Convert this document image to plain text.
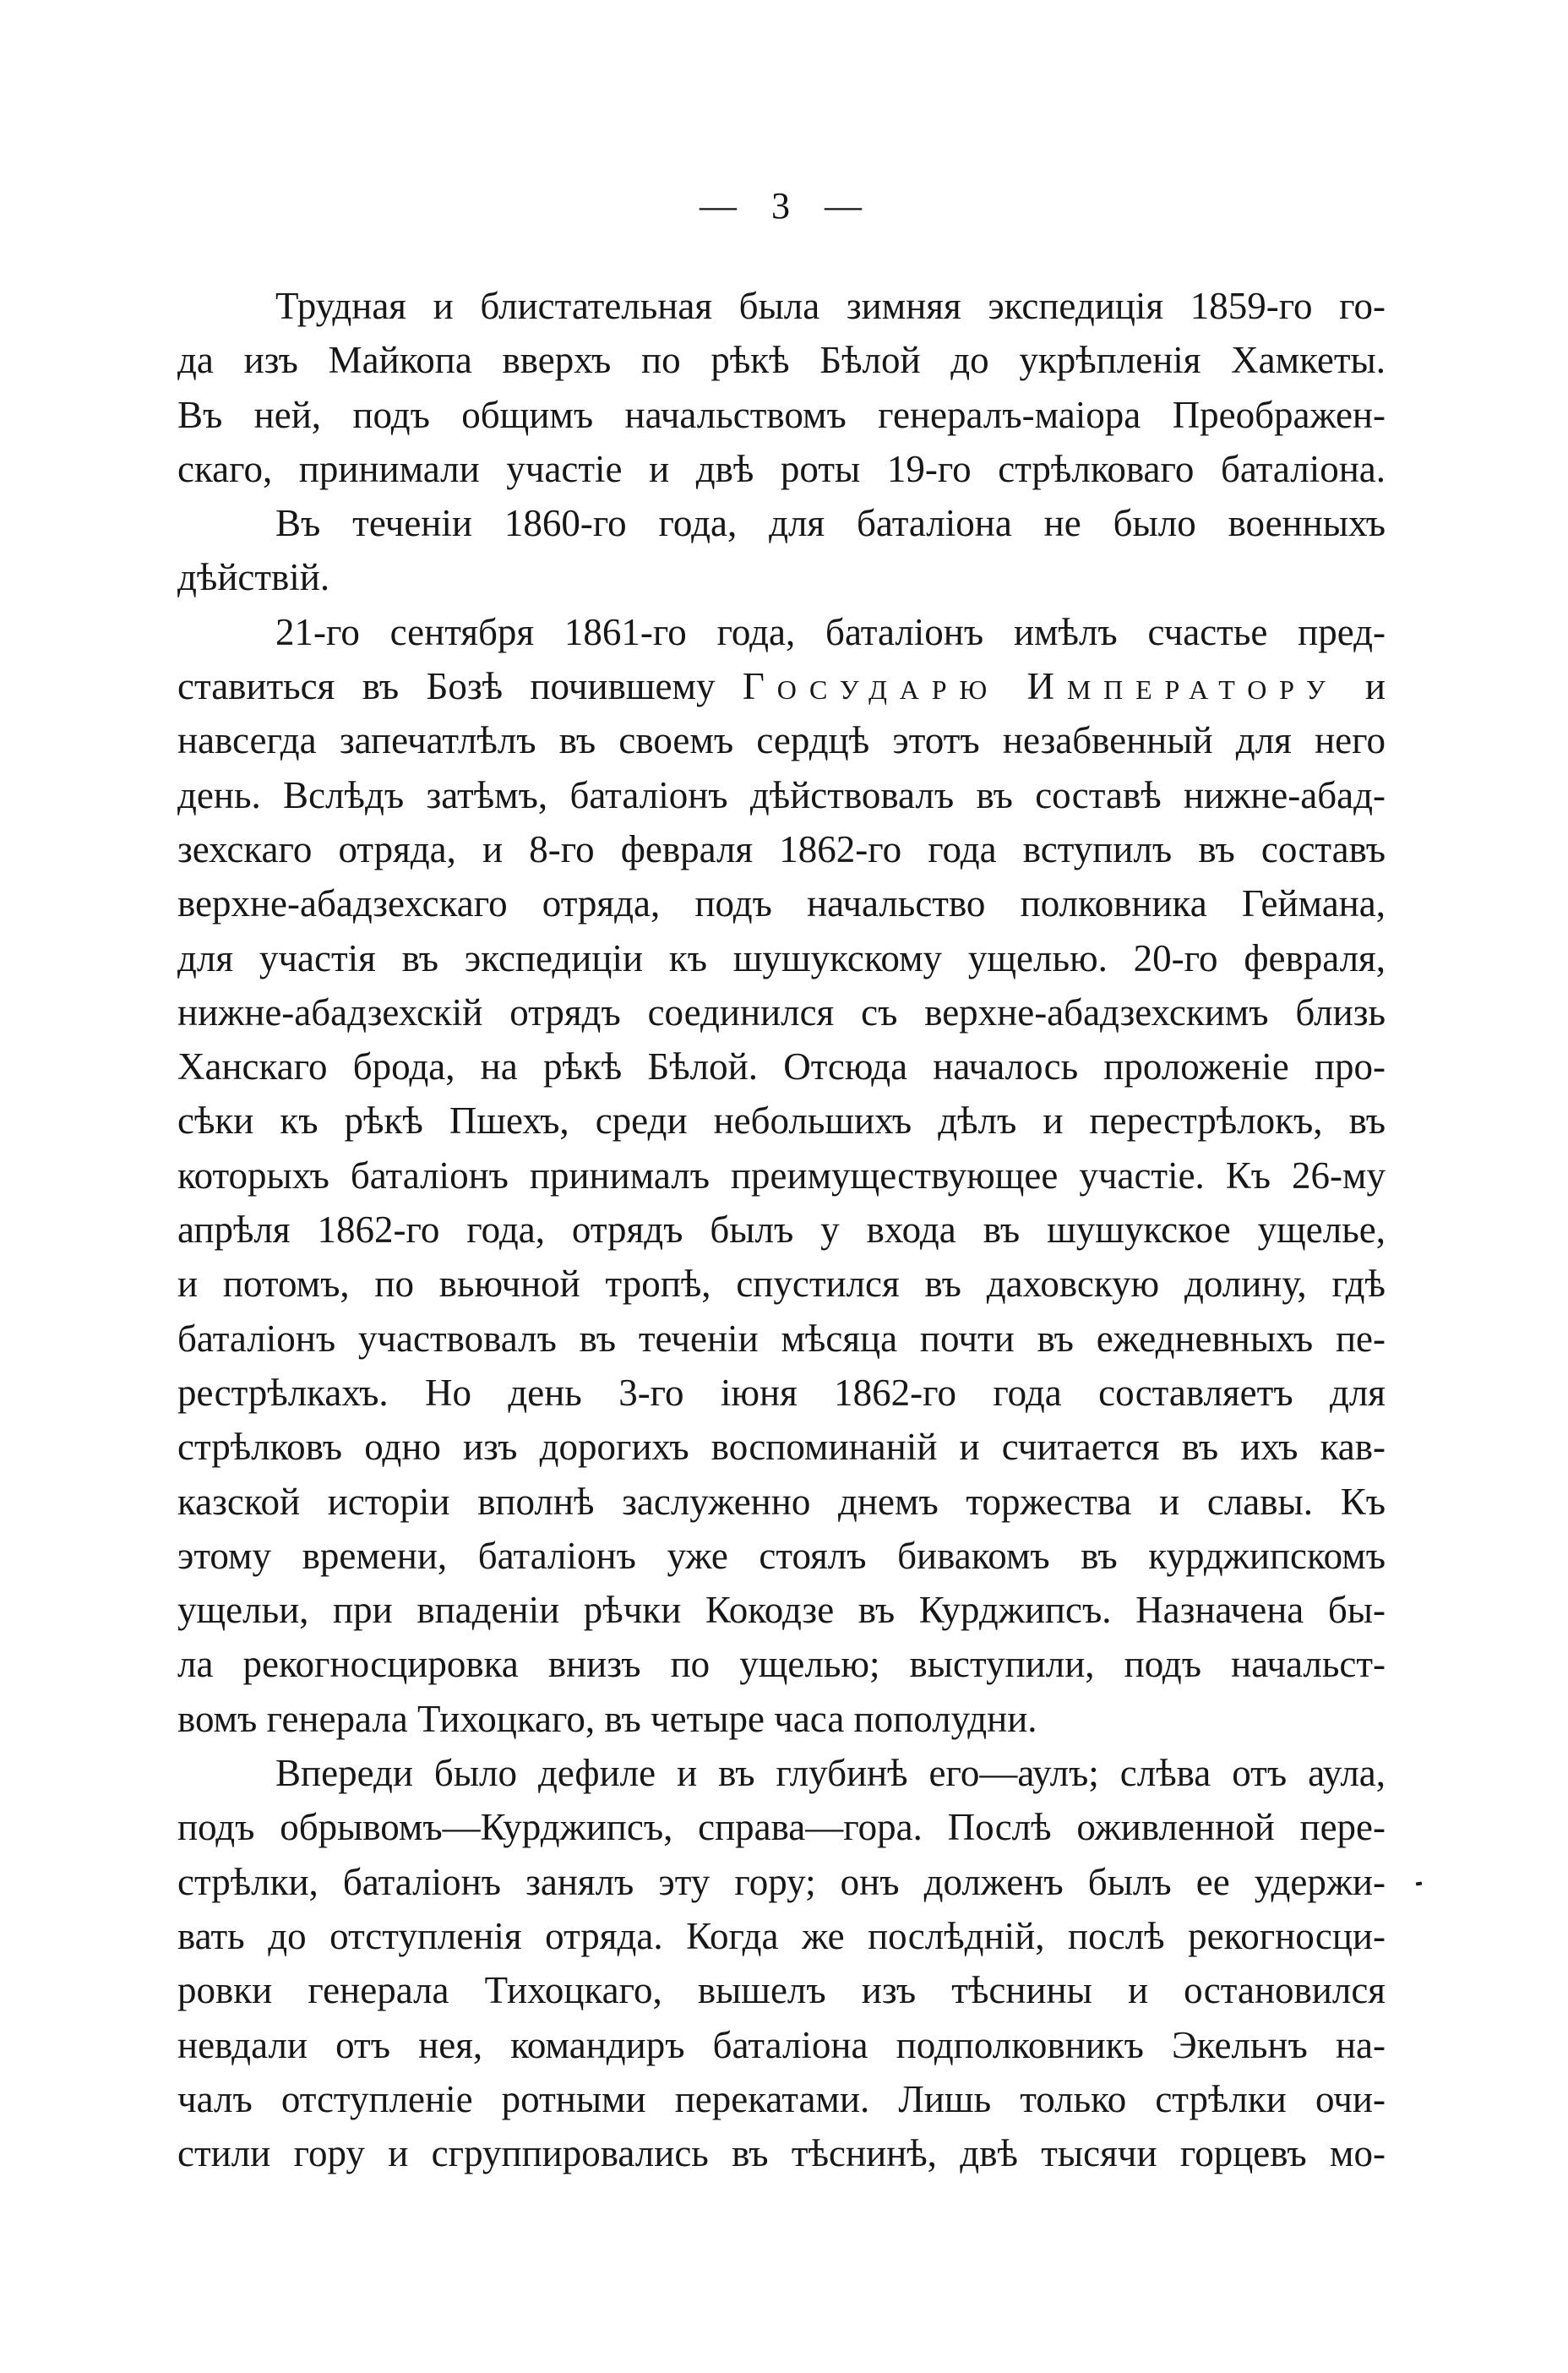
— 3 —
Трудная и блистательная была зимняя экспедиція 1859-го го-
да изъ Майкопа вверхъ по рѣкѣ Бѣлой до укрѣпленія Хамкеты.
Въ ней, подъ общимъ начальствомъ генералъ-маіора Преображен-
скаго, принимали участіе и двѣ роты 19-го стрѣлковаго баталіона.
Въ теченіи 1860-го года, для баталіона не было военныхъ
дѣйствій.
21-го сентября 1861-го года, баталіонъ имѣлъ счастье пред-
ставиться въ Бозѣ почившему Государю Императору и
навсегда запечатлѣлъ въ своемъ сердцѣ этотъ незабвенный для него
день. Вслѣдъ затѣмъ, баталіонъ дѣйствовалъ въ составѣ нижне-абад-
зехскаго отряда, и 8-го февраля 1862-го года вступилъ въ составъ
верхне-абадзехскаго отряда, подъ начальство полковника Геймана,
для участія въ экспедиціи къ шушукскому ущелью. 20-го февраля,
нижне-абадзехскій отрядъ соединился съ верхне-абадзехскимъ близь
Ханскаго брода, на рѣкѣ Бѣлой. Отсюда началось проложеніе про-
сѣки къ рѣкѣ Пшехъ, среди небольшихъ дѣлъ и перестрѣлокъ, въ
которыхъ баталіонъ принималъ преимуществующее участіе. Къ 26-му
апрѣля 1862-го года, отрядъ былъ у входа въ шушукское ущелье,
и потомъ, по вьючной тропѣ, спустился въ даховскую долину, гдѣ
баталіонъ участвовалъ въ теченіи мѣсяца почти въ ежедневныхъ пе-
рестрѣлкахъ. Но день 3-го іюня 1862-го года составляетъ для
стрѣлковъ одно изъ дорогихъ воспоминаній и считается въ ихъ кав-
казской исторіи вполнѣ заслуженно днемъ торжества и славы. Къ
этому времени, баталіонъ уже стоялъ бивакомъ въ курджипскомъ
ущельи, при впаденіи рѣчки Кокодзе въ Курджипсъ. Назначена бы-
ла рекогносцировка внизъ по ущелью; выступили, подъ начальст-
вомъ генерала Тихоцкаго, въ четыре часа пополудни.
Впереди было дефиле и въ глубинѣ его—аулъ; слѣва отъ аула,
подъ обрывомъ—Курджипсъ, справа—гора. Послѣ оживленной пере-
стрѣлки, баталіонъ занялъ эту гору; онъ долженъ былъ ее удержи-
вать до отступленія отряда. Когда же послѣдній, послѣ рекогносци-
ровки генерала Тихоцкаго, вышелъ изъ тѣснины и остановился
невдали отъ нея, командиръ баталіона подполковникъ Экельнъ на-
чалъ отступленіе ротными перекатами. Лишь только стрѣлки очи-
стили гору и сгруппировались въ тѣснинѣ, двѣ тысячи горцевъ мо-
